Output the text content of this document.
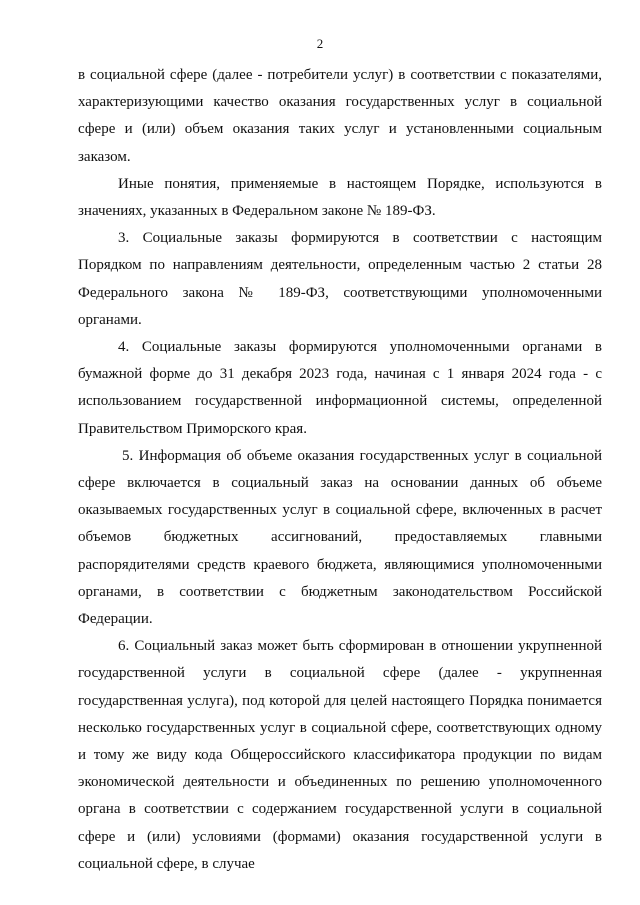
2

в социальной сфере (далее - потребители услуг) в соответствии с показателями, характеризующими качество оказания государственных услуг в социальной сфере и (или) объем оказания таких услуг и установленными социальным заказом.

Иные понятия, применяемые в настоящем Порядке, используются в значениях, указанных в Федеральном законе № 189-ФЗ.

3. Социальные заказы формируются в соответствии с настоящим Порядком по направлениям деятельности, определенным частью 2 статьи 28 Федерального закона № 189-ФЗ, соответствующими уполномоченными органами.

4. Социальные заказы формируются уполномоченными органами в бумажной форме до 31 декабря 2023 года, начиная с 1 января 2024 года - с использованием государственной информационной системы, определенной Правительством Приморского края.

5. Информация об объеме оказания государственных услуг в социальной сфере включается в социальный заказ на основании данных об объеме оказываемых государственных услуг в социальной сфере, включенных в расчет объемов бюджетных ассигнований, предоставляемых главными распорядителями средств краевого бюджета, являющимися уполномоченными органами, в соответствии с бюджетным законодательством Российской Федерации.

6. Социальный заказ может быть сформирован в отношении укрупненной государственной услуги в социальной сфере (далее - укрупненная государственная услуга), под которой для целей настоящего Порядка понимается несколько государственных услуг в социальной сфере, соответствующих одному и тому же виду кода Общероссийского классификатора продукции по видам экономической деятельности и объединенных по решению уполномоченного органа в соответствии с содержанием государственной услуги в социальной сфере и (или) условиями (формами) оказания государственной услуги в социальной сфере, в случае
